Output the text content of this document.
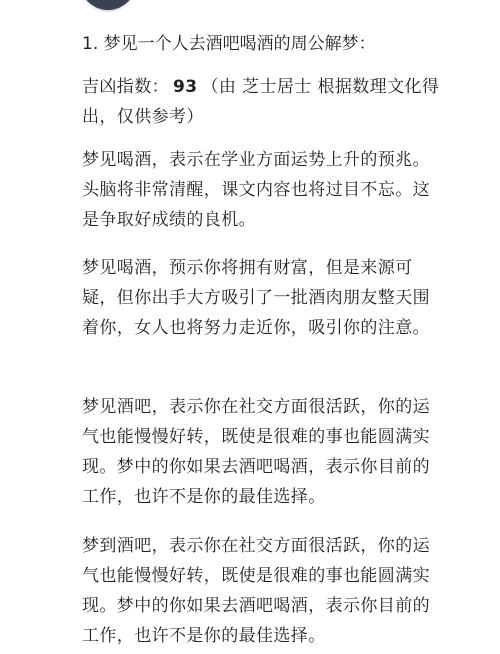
1. 梦见一个人去酒吧喝酒的周公解梦：
吉凶指数： 93 （由 芝士居士 根据数理文化得出，仅供参考）
梦见喝酒，表示在学业方面运势上升的预兆。头脑将非常清醒，课文内容也将过目不忘。这是争取好成绩的良机。
梦见喝酒，预示你将拥有财富，但是来源可疑，但你出手大方吸引了一批酒肉朋友整天围着你，女人也将努力走近你，吸引你的注意。
梦见酒吧，表示你在社交方面很活跃，你的运气也能慢慢好转，既使是很难的事也能圆满实现。梦中的你如果去酒吧喝酒，表示你目前的工作，也许不是你的最佳选择。
梦到酒吧，表示你在社交方面很活跃，你的运气也能慢慢好转，既使是很难的事也能圆满实现。梦中的你如果去酒吧喝酒，表示你目前的工作，也许不是你的最佳选择。
